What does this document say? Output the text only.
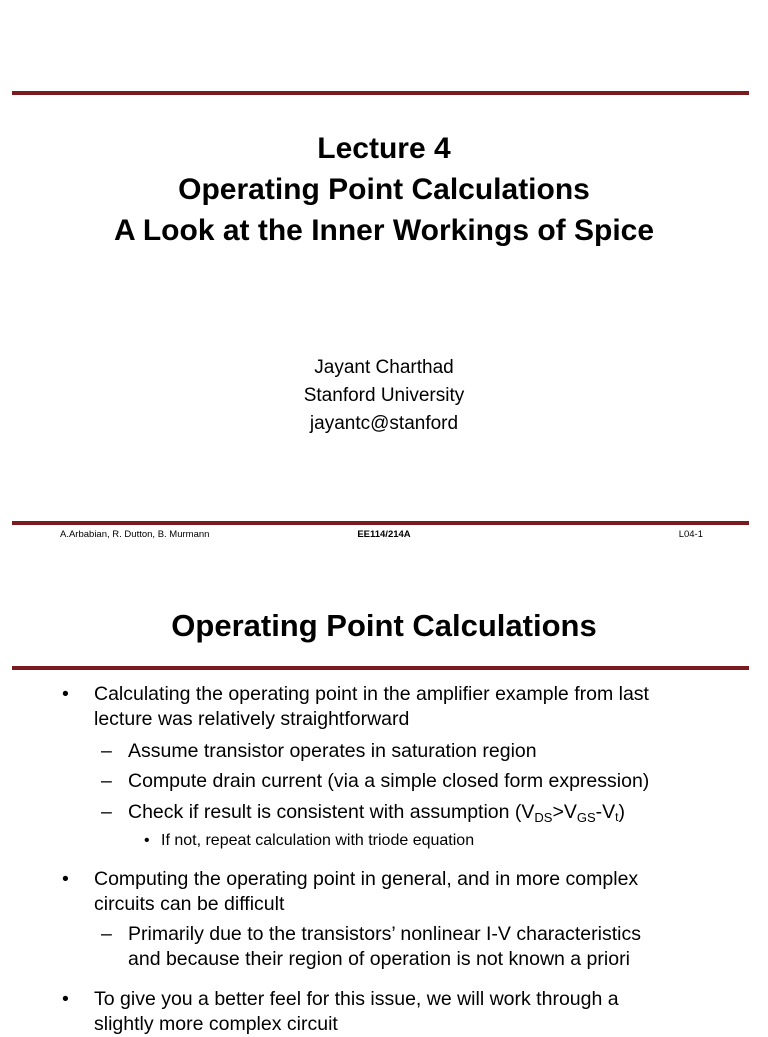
Lecture 4
Operating Point Calculations
A Look at the Inner Workings of Spice
Jayant Charthad
Stanford University
jayantc@stanford
A.Arbabian, R. Dutton, B. Murmann	EE114/214A	L04-1
Operating Point Calculations
• Calculating the operating point in the amplifier example from last
lecture was relatively straightforward
– Assume transistor operates in saturation region
– Compute drain current (via a simple closed form expression)
– Check if result is consistent with assumption $(V_{DS}>V_{GS}-Vt)$
• If not, repeat calculation with triode equation
• Computing the operating point in general, and in more complex
circuits can be difficult
– Primarily due to the transistors’ nonlinear I-V characteristics
and because their region of operation is not known a priori
• To give you a better feel for this issue, we will work through a
slightly more complex circuit
